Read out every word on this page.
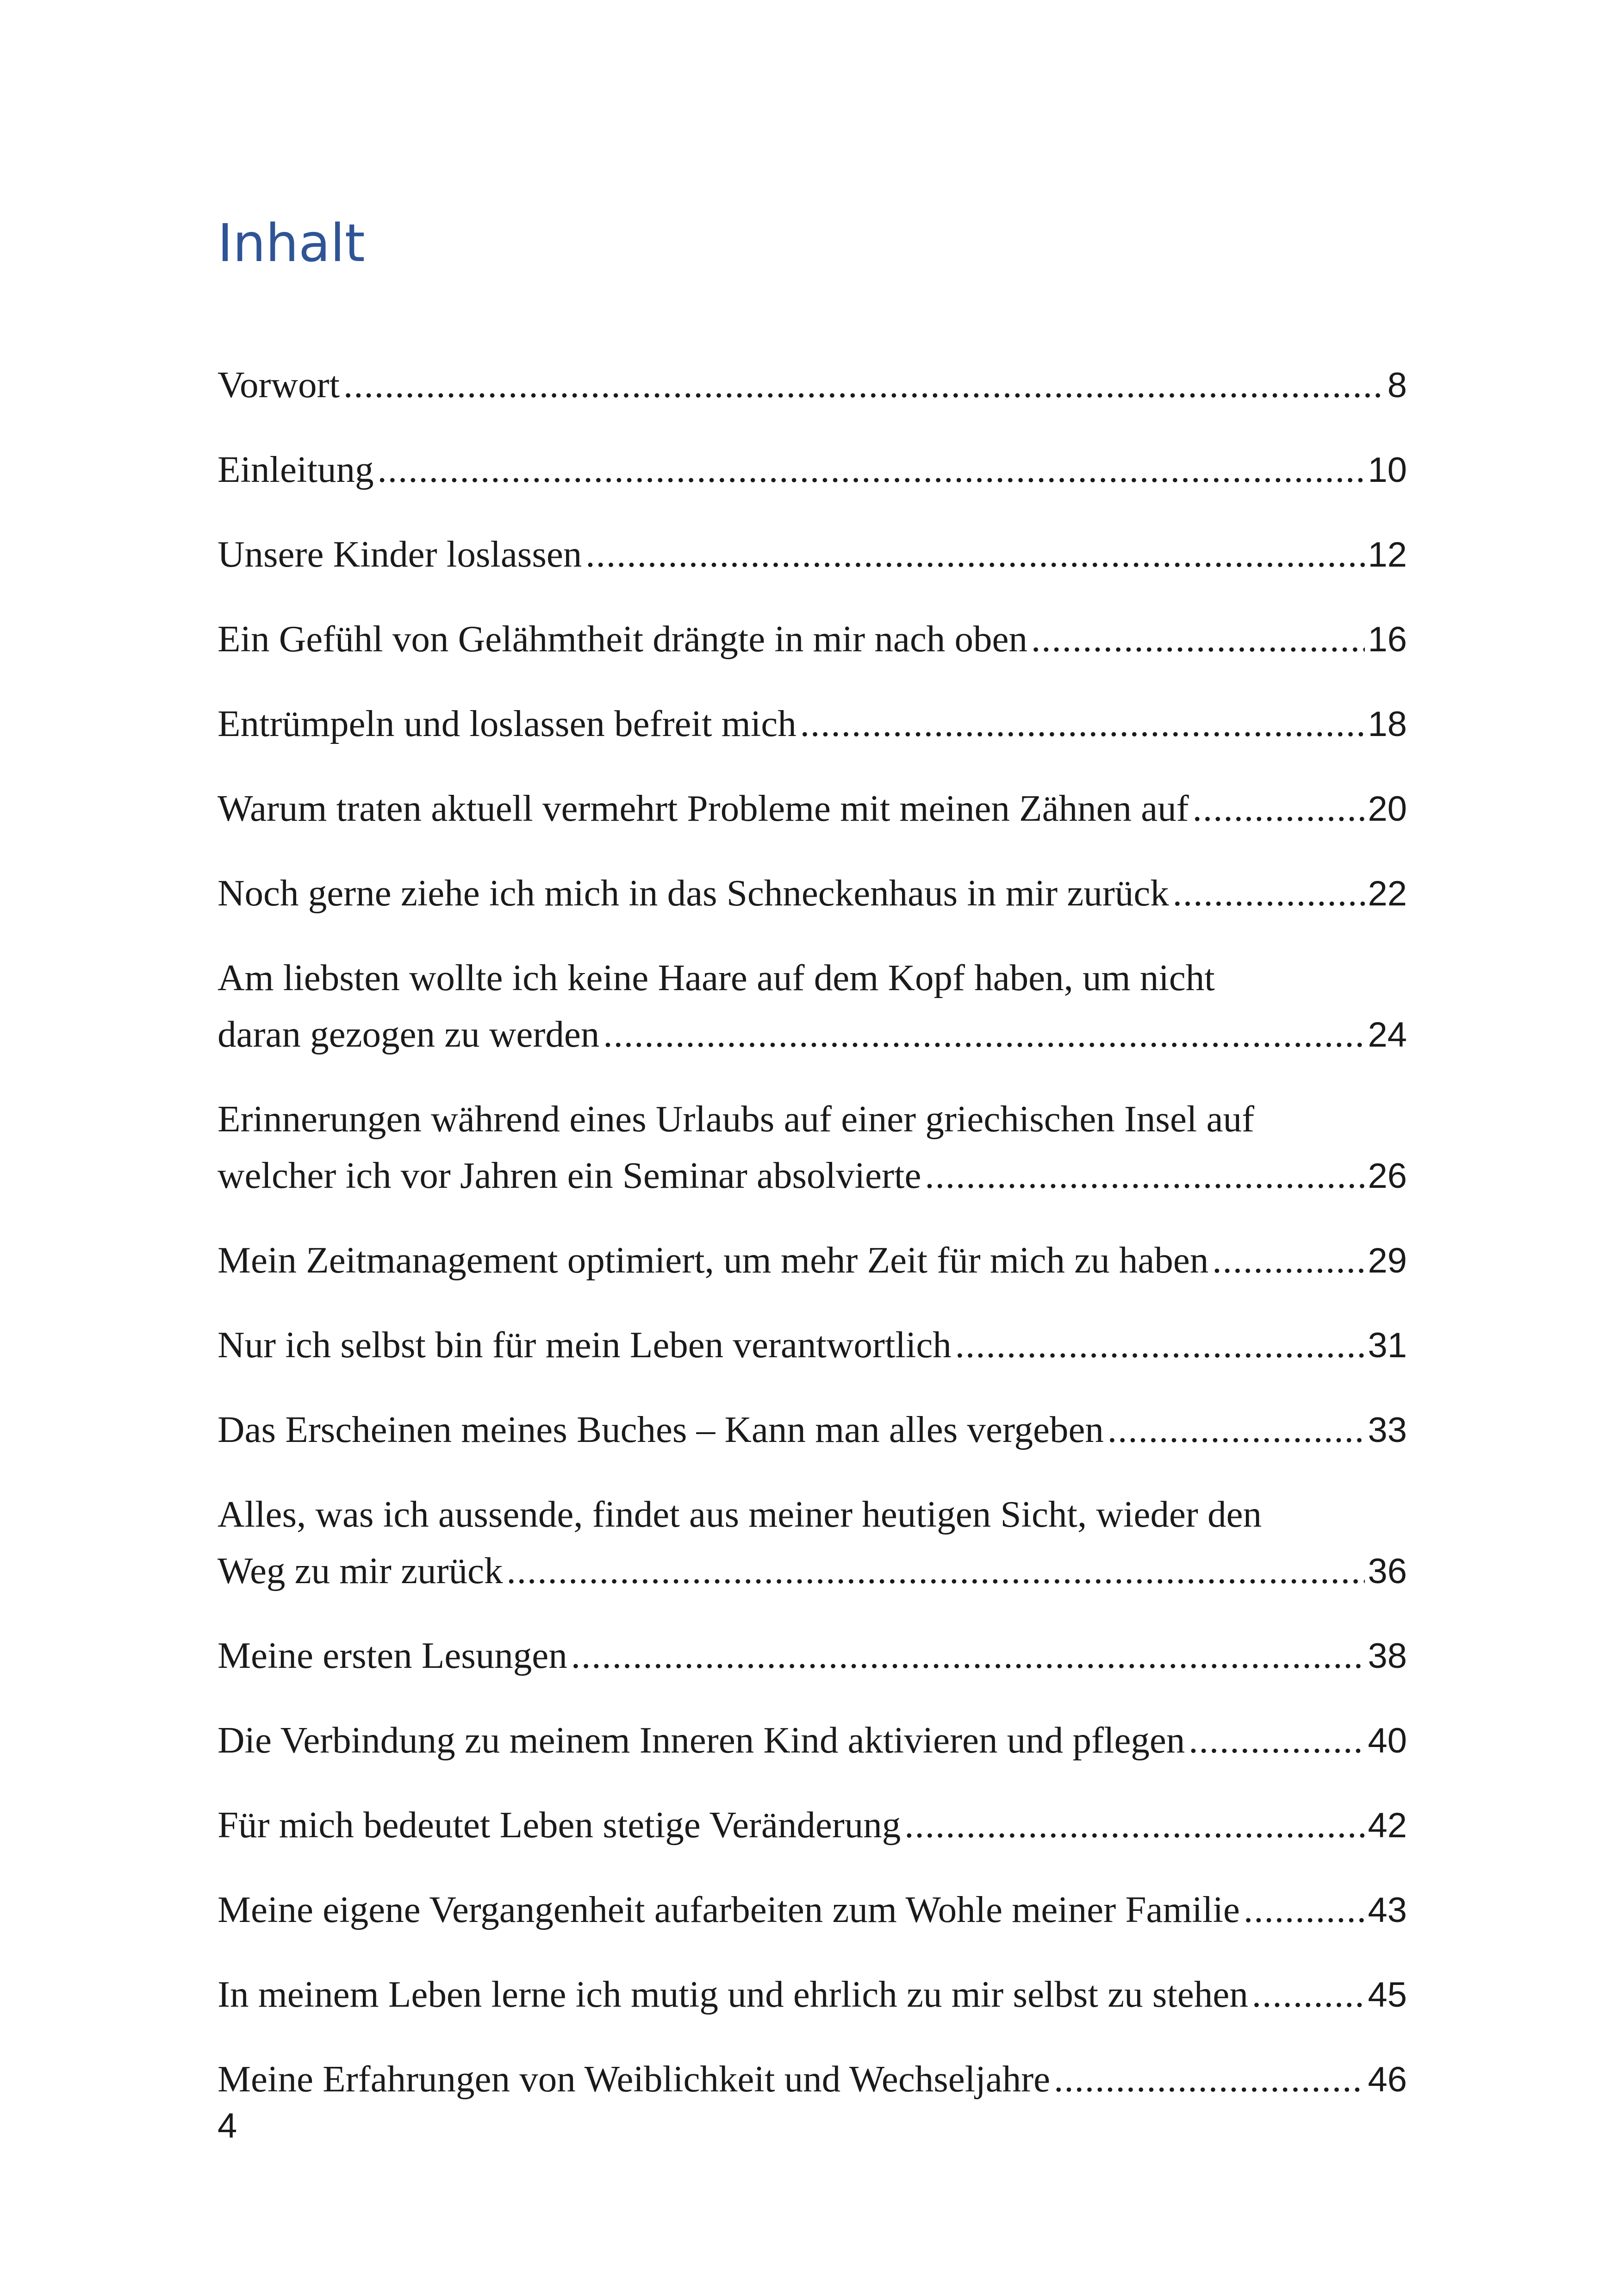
Inhalt
Vorwort .....	8
Einleitung .....	10
Unsere Kinder loslassen .....	12
Ein Gefühl von Gelähmtheit drängte in mir nach oben .....	16
Entrümpeln und loslassen befreit mich .....	18
Warum traten aktuell vermehrt Probleme mit meinen Zähnen auf .....	20
Noch gerne ziehe ich mich in das Schneckenhaus in mir zurück .....	22
Am liebsten wollte ich keine Haare auf dem Kopf haben, um nicht
daran gezogen zu werden .....	24
Erinnerungen während eines Urlaubs auf einer griechischen Insel auf
welcher ich vor Jahren ein Seminar absolvierte .....	26
Mein Zeitmanagement optimiert, um mehr Zeit für mich zu haben .....	29
Nur ich selbst bin für mein Leben verantwortlich .....	31
Das Erscheinen meines Buches – Kann man alles vergeben .....	33
Alles, was ich aussende, findet aus meiner heutigen Sicht, wieder den
Weg zu mir zurück .....	36
Meine ersten Lesungen .....	38
Die Verbindung zu meinem Inneren Kind aktivieren und pflegen .....	40
Für mich bedeutet Leben stetige Veränderung .....	42
Meine eigene Vergangenheit aufarbeiten zum Wohle meiner Familie .....	43
In meinem Leben lerne ich mutig und ehrlich zu mir selbst zu stehen .....	45
Meine Erfahrungen von Weiblichkeit und Wechseljahre .....	46
4
